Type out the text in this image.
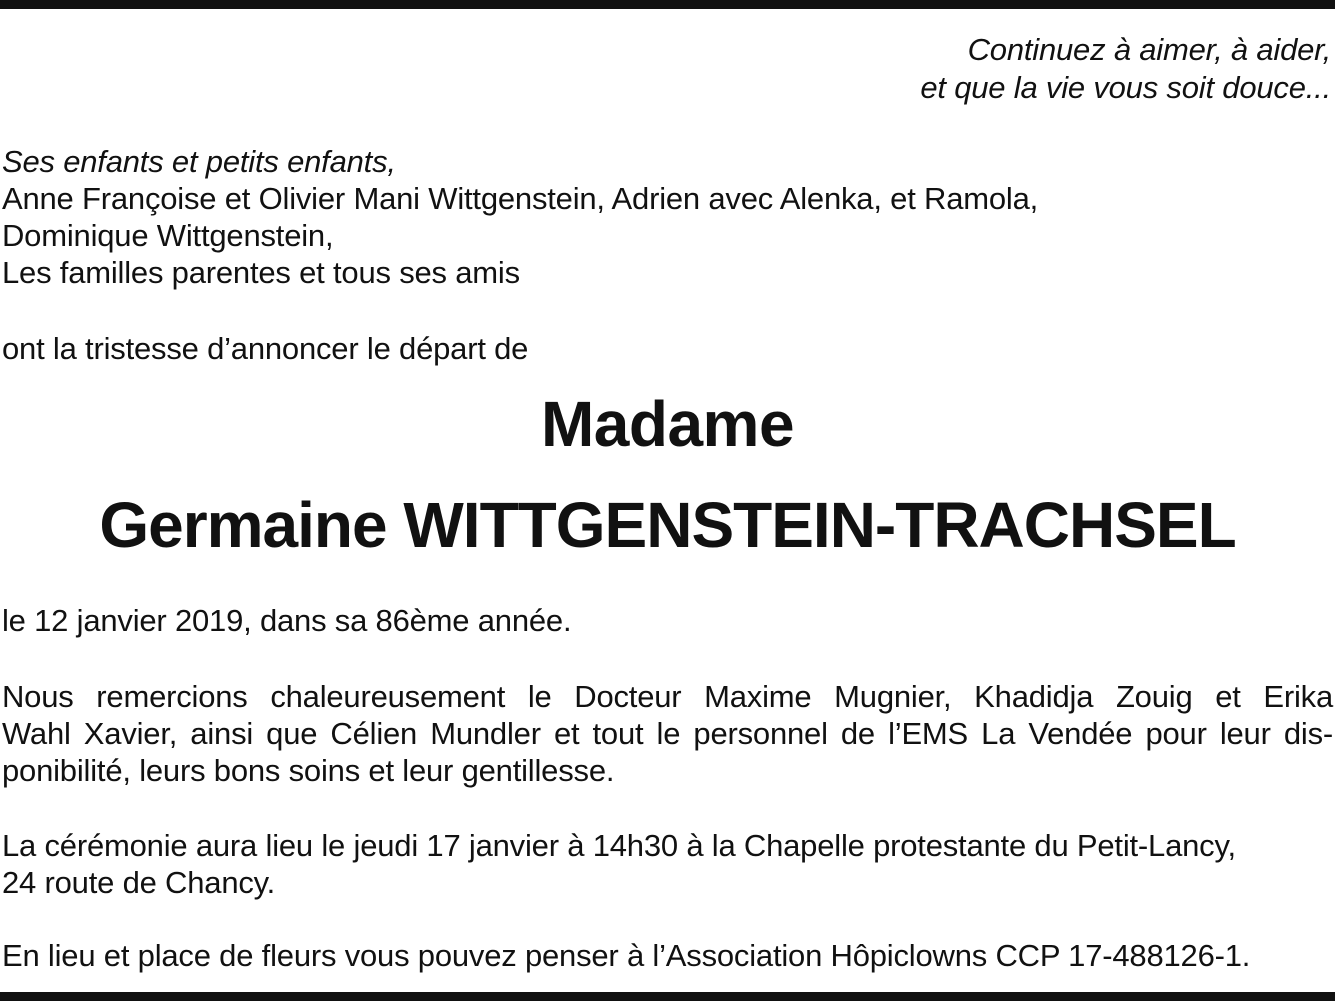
Continuez à aimer, à aider,
et que la vie vous soit douce...
Ses enfants et petits enfants,
Anne Françoise et Olivier Mani Wittgenstein, Adrien avec Alenka, et Ramola,
Dominique Wittgenstein,
Les familles parentes et tous ses amis
ont la tristesse d’annoncer le départ de
Madame
Germaine WITTGENSTEIN-TRACHSEL
le 12 janvier 2019, dans sa 86ème année.
Nous remercions chaleureusement le Docteur Maxime Mugnier, Khadidja Zouig et Erika
Wahl Xavier, ainsi que Célien Mundler et tout le personnel de l’EMS La Vendée pour leur dis-
ponibilité, leurs bons soins et leur gentillesse.
La cérémonie aura lieu le jeudi 17 janvier à 14h30 à la Chapelle protestante du Petit-Lancy,
24 route de Chancy.
En lieu et place de fleurs vous pouvez penser à l’Association Hôpiclowns CCP 17-488126-1.
